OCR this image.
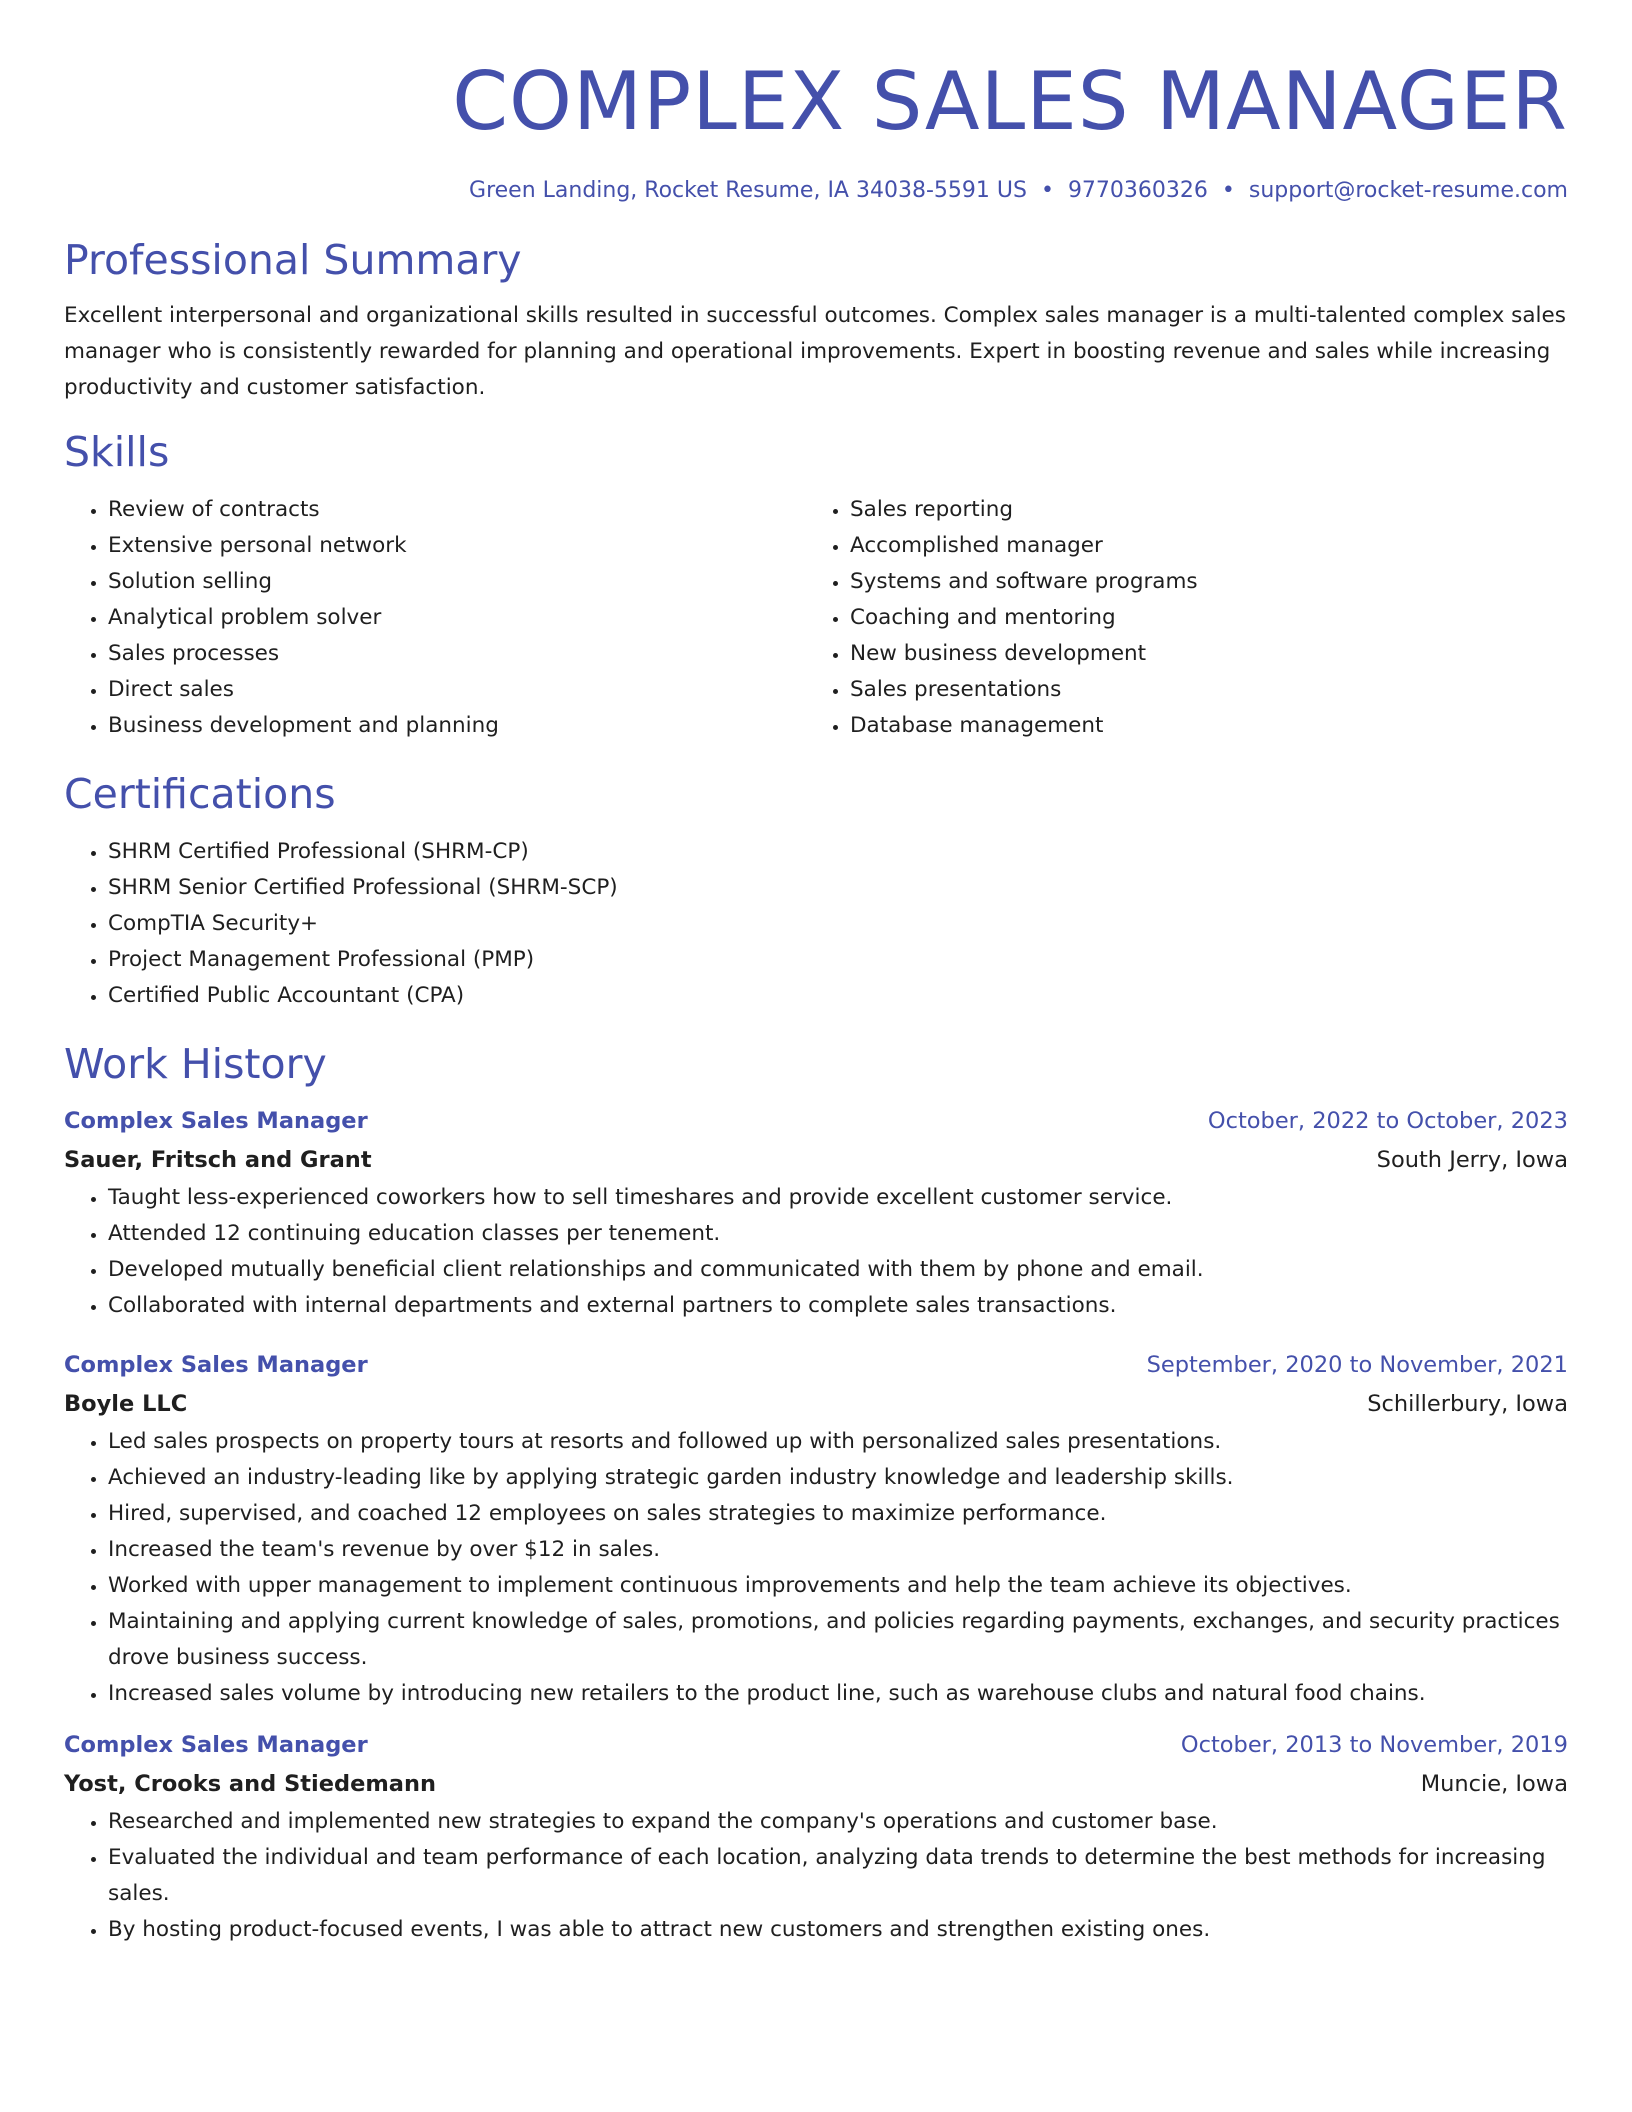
COMPLEX SALES MANAGER
Green Landing, Rocket Resume, IA 34038-5591 US • 9770360326 • support@rocket-resume.com
Professional Summary

Excellent interpersonal and organizational skills resulted in successful outcomes. Complex sales manager is a multi-talented complex sales manager who is consistently rewarded for planning and operational improvements. Expert in boosting revenue and sales while increasing productivity and customer satisfaction.

Skills
• Review of contracts
• Extensive personal network
• Solution selling
• Analytical problem solver
• Sales processes
• Direct sales
• Business development and planning
• Sales reporting
• Accomplished manager
• Systems and software programs
• Coaching and mentoring
• New business development
• Sales presentations
• Database management
Certifications
• SHRM Certified Professional (SHRM-CP)
• SHRM Senior Certified Professional (SHRM-SCP)
• CompTIA Security+
• Project Management Professional (PMP)
• Certified Public Accountant (CPA)
Work History
Complex Sales Manager	October, 2022 to October, 2023
Sauer, Fritsch and Grant	South Jerry, Iowa
• Taught less-experienced coworkers how to sell timeshares and provide excellent customer service.
• Attended 12 continuing education classes per tenement.
• Developed mutually beneficial client relationships and communicated with them by phone and email.
• Collaborated with internal departments and external partners to complete sales transactions.
Complex Sales Manager	September, 2020 to November, 2021
Boyle LLC	Schillerbury, Iowa
• Led sales prospects on property tours at resorts and followed up with personalized sales presentations.
• Achieved an industry-leading like by applying strategic garden industry knowledge and leadership skills.
• Hired, supervised, and coached 12 employees on sales strategies to maximize performance.
• Increased the team's revenue by over $12 in sales.
• Worked with upper management to implement continuous improvements and help the team achieve its objectives.
• Maintaining and applying current knowledge of sales, promotions, and policies regarding payments, exchanges, and security practices drove business success.
• Increased sales volume by introducing new retailers to the product line, such as warehouse clubs and natural food chains.
Complex Sales Manager	October, 2013 to November, 2019
Yost, Crooks and Stiedemann	Muncie, Iowa
• Researched and implemented new strategies to expand the company's operations and customer base.
• Evaluated the individual and team performance of each location, analyzing data trends to determine the best methods for increasing sales.
• By hosting product-focused events, I was able to attract new customers and strengthen existing ones.
